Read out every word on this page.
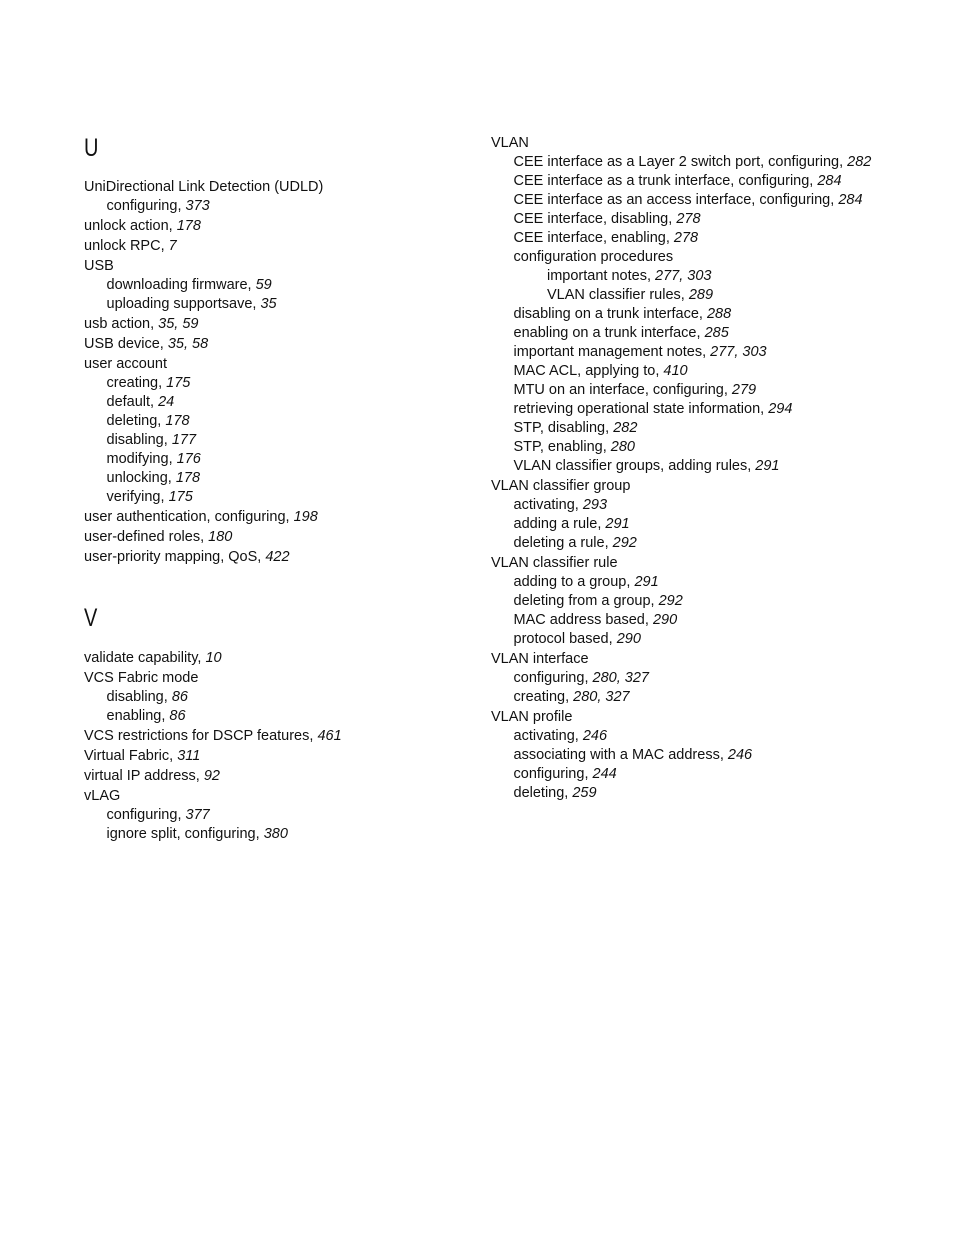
U
UniDirectional Link Detection (UDLD)
configuring, 373
unlock action, 178
unlock RPC, 7
USB
downloading firmware, 59
uploading supportsave, 35
usb action, 35, 59
USB device, 35, 58
user account
creating, 175
default, 24
deleting, 178
disabling, 177
modifying, 176
unlocking, 178
verifying, 175
user authentication, configuring, 198
user-defined roles, 180
user-priority mapping, QoS, 422
V
validate capability, 10
VCS Fabric mode
disabling, 86
enabling, 86
VCS restrictions for DSCP features, 461
Virtual Fabric, 311
virtual IP address, 92
vLAG
configuring, 377
ignore split, configuring, 380
VLAN
CEE interface as a Layer 2 switch port, configuring, 282
CEE interface as a trunk interface, configuring, 284
CEE interface as an access interface, configuring, 284
CEE interface, disabling, 278
CEE interface, enabling, 278
configuration procedures
important notes, 277, 303
VLAN classifier rules, 289
disabling on a trunk interface, 288
enabling on a trunk interface, 285
important management notes, 277, 303
MAC ACL, applying to, 410
MTU on an interface, configuring, 279
retrieving operational state information, 294
STP, disabling, 282
STP, enabling, 280
VLAN classifier groups, adding rules, 291
VLAN classifier group
activating, 293
adding a rule, 291
deleting a rule, 292
VLAN classifier rule
adding to a group, 291
deleting from a group, 292
MAC address based, 290
protocol based, 290
VLAN interface
configuring, 280, 327
creating, 280, 327
VLAN profile
activating, 246
associating with a MAC address, 246
configuring, 244
deleting, 259
